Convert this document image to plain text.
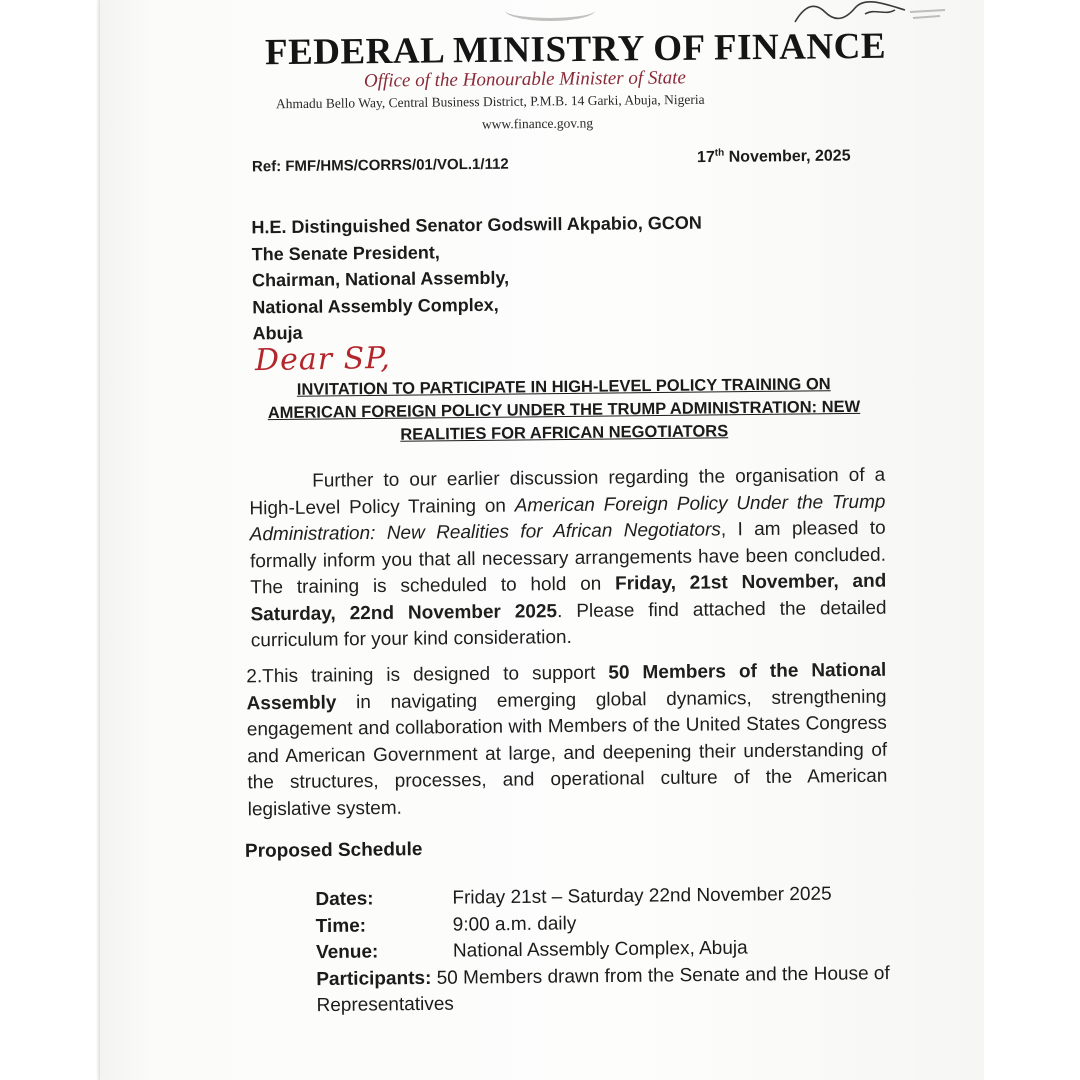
FEDERAL MINISTRY OF FINANCE
Office of the Honourable Minister of State
Ahmadu Bello Way, Central Business District, P.M.B. 14 Garki, Abuja, Nigeria
www.finance.gov.ng
Ref: FMF/HMS/CORRS/01/VOL.1/112	17th November, 2025
H.E. Distinguished Senator Godswill Akpabio, GCON
The Senate President,
Chairman, National Assembly,
National Assembly Complex,
Abuja
Dear SP,
INVITATION TO PARTICIPATE IN HIGH-LEVEL POLICY TRAINING ON AMERICAN FOREIGN POLICY UNDER THE TRUMP ADMINISTRATION: NEW REALITIES FOR AFRICAN NEGOTIATORS
Further to our earlier discussion regarding the organisation of a High-Level Policy Training on American Foreign Policy Under the Trump Administration: New Realities for African Negotiators, I am pleased to formally inform you that all necessary arrangements have been concluded. The training is scheduled to hold on Friday, 21st November, and Saturday, 22nd November 2025. Please find attached the detailed curriculum for your kind consideration.
2.This training is designed to support 50 Members of the National Assembly in navigating emerging global dynamics, strengthening engagement and collaboration with Members of the United States Congress and American Government at large, and deepening their understanding of the structures, processes, and operational culture of the American legislative system.
Proposed Schedule
Dates:	Friday 21st – Saturday 22nd November 2025
Time:	9:00 a.m. daily
Venue:	National Assembly Complex, Abuja
Participants: 50 Members drawn from the Senate and the House of Representatives
